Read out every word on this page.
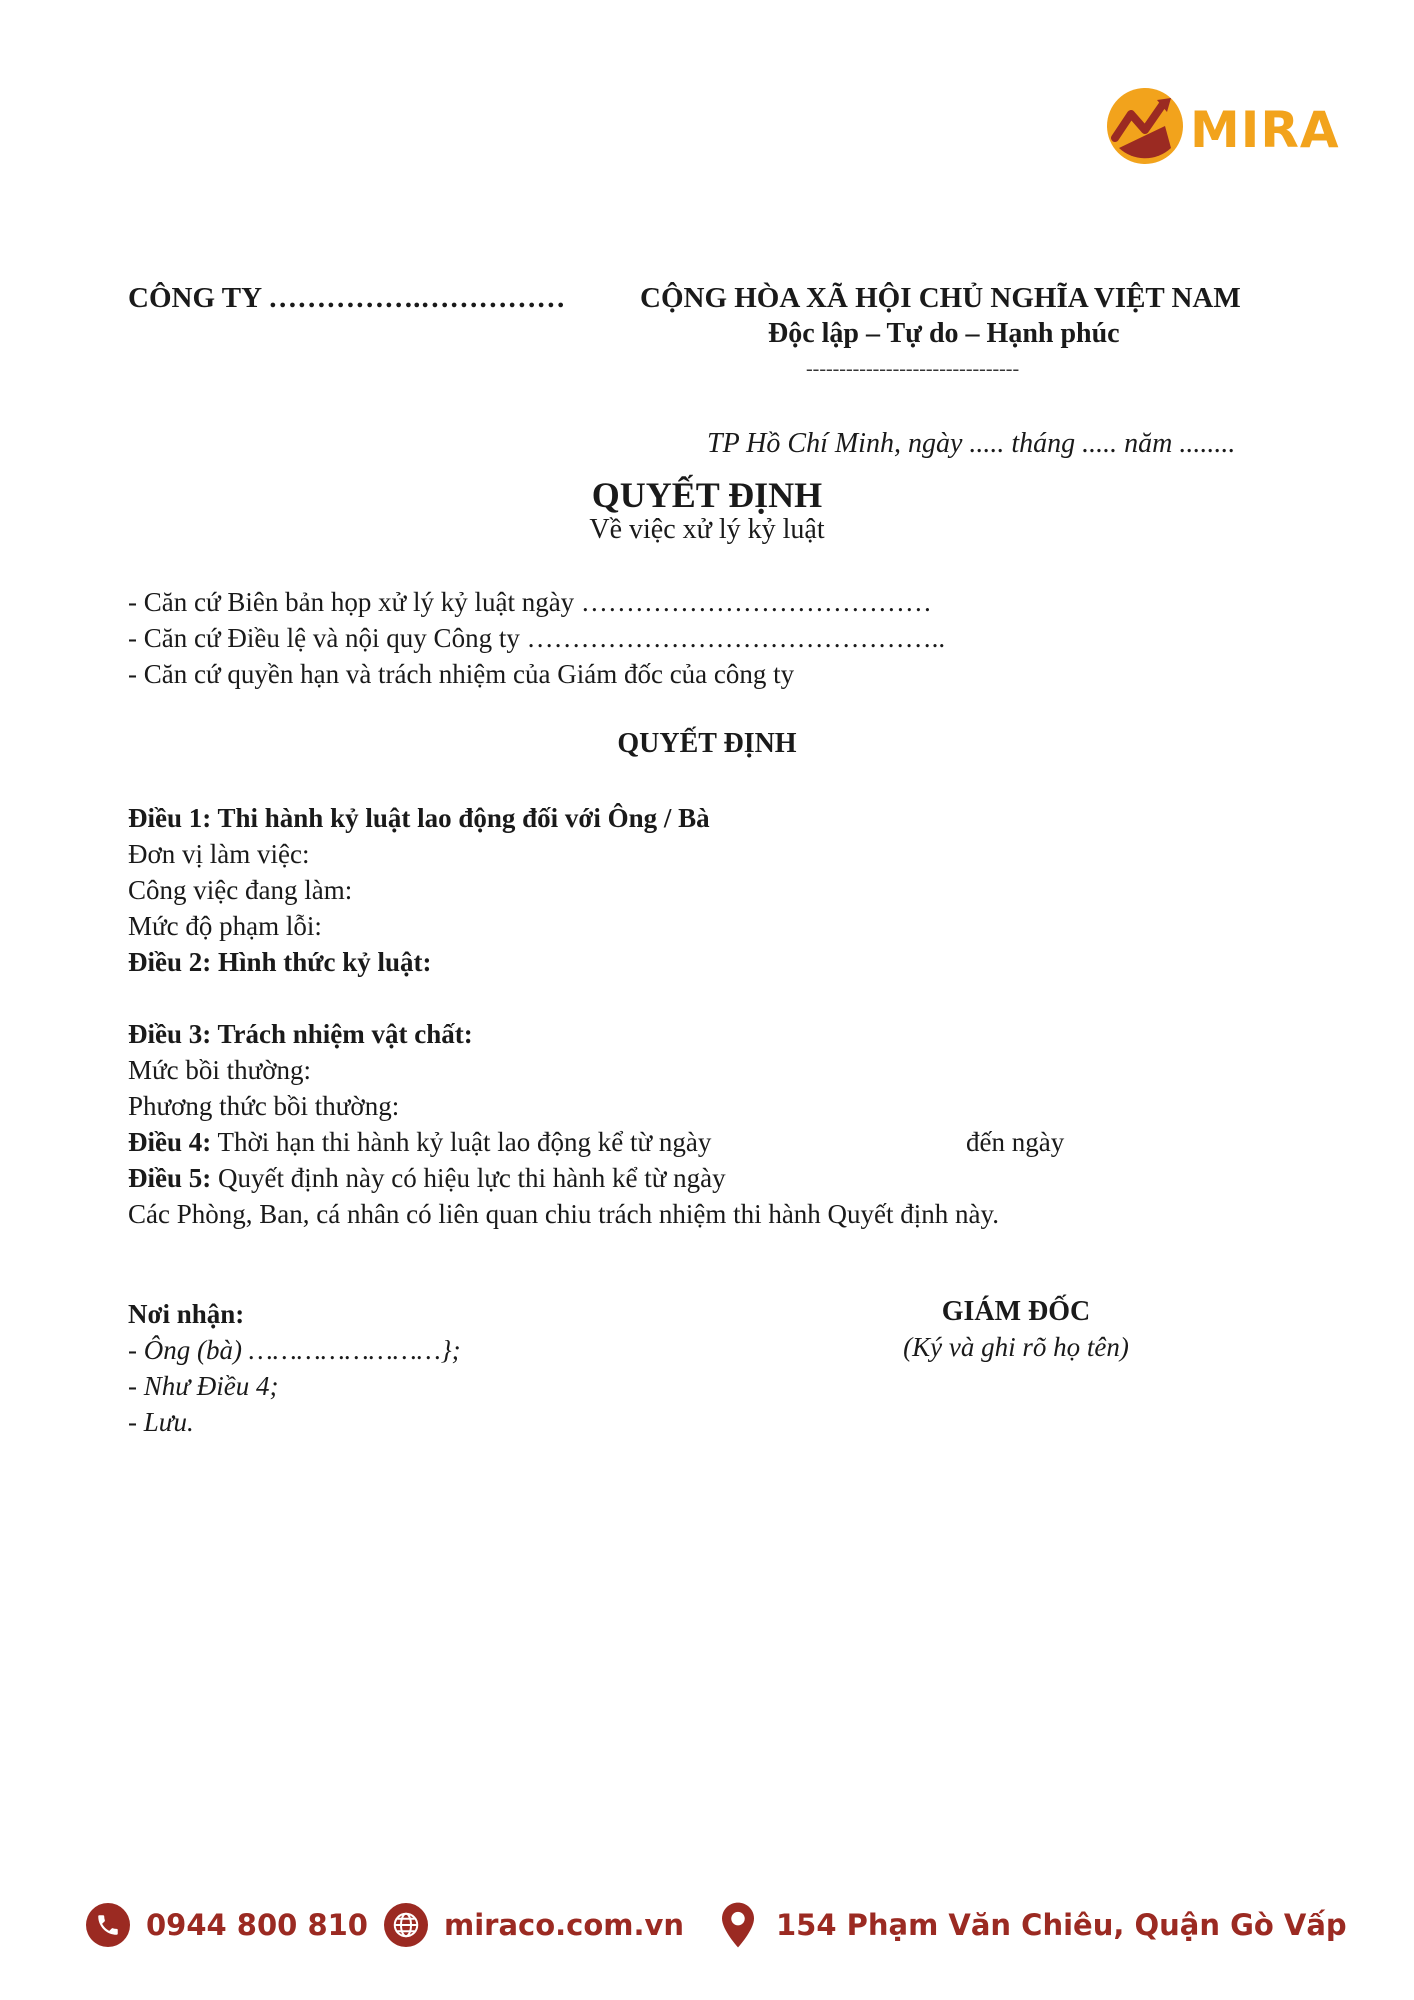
MIRA
CÔNG TY …………….……………	CỘNG HÒA XÃ HỘI CHỦ NGHĨA VIỆT NAM
Độc lập – Tự do – Hạnh phúc
--------------------------------
TP Hồ Chí Minh, ngày ..... tháng ..... năm ........
QUYẾT ĐỊNH
Về việc xử lý kỷ luật
- Căn cứ Biên bản họp xử lý kỷ luật ngày …………………………………
- Căn cứ Điều lệ và nội quy Công ty ………………………………………..
- Căn cứ quyền hạn và trách nhiệm của Giám đốc của công ty
QUYẾT ĐỊNH
Điều 1: Thi hành kỷ luật lao động đối với Ông / Bà
Đơn vị làm việc:
Công việc đang làm:
Mức độ phạm lỗi:
Điều 2: Hình thức kỷ luật:

Điều 3: Trách nhiệm vật chất:
Mức bồi thường:
Phương thức bồi thường:
Điều 4: Thời hạn thi hành kỷ luật lao động kể từ ngày	đến ngày
Điều 5: Quyết định này có hiệu lực thi hành kể từ ngày
Các Phòng, Ban, cá nhân có liên quan chiu trách nhiệm thi hành Quyết định này.
Nơi nhận:
- Ông (bà) ……………………};
- Như Điều 4;
- Lưu.
GIÁM ĐỐC
(Ký và ghi rõ họ tên)
0944 800 810	miraco.com.vn	154 Phạm Văn Chiêu, Quận Gò Vấp
